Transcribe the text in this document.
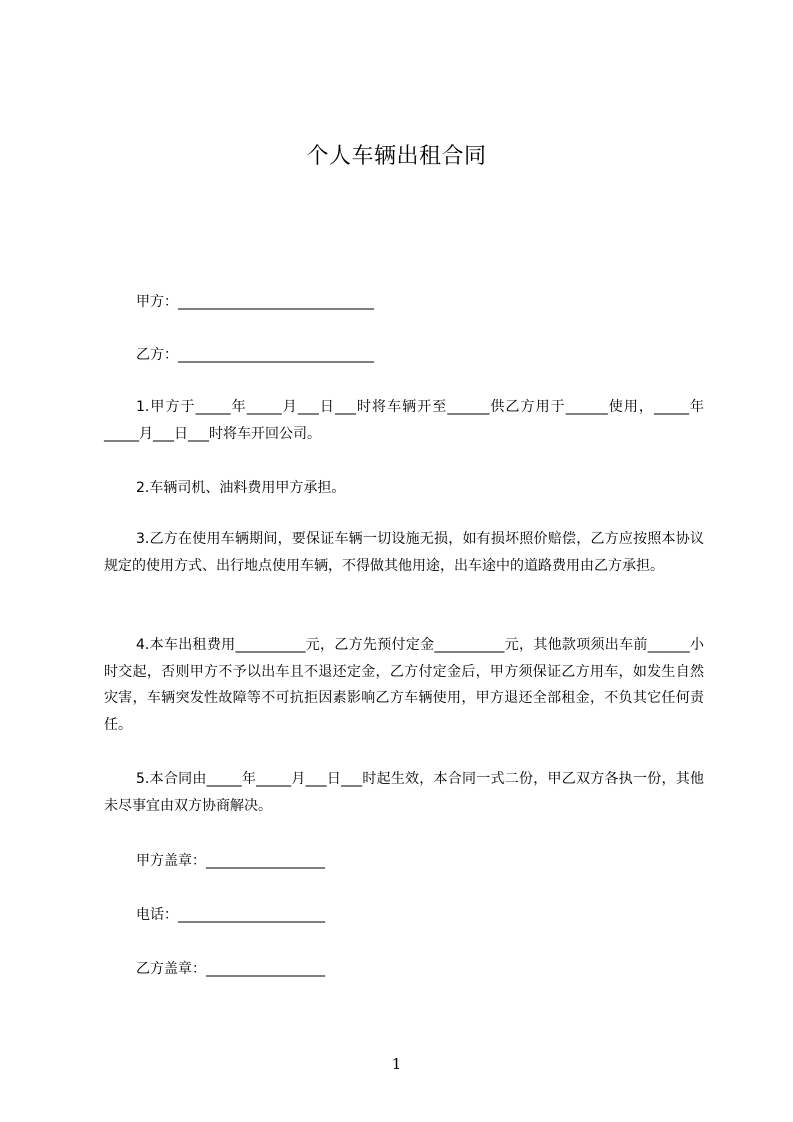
个人车辆出租合同
甲方：____________________________
乙方：____________________________

1.甲方于_____年_____月___日___时将车辆开至______供乙方用于______使用，_____年_____月___日___时将车开回公司。

2.车辆司机、油料费用甲方承担。

3.乙方在使用车辆期间，要保证车辆一切设施无损，如有损坏照价赔偿，乙方应按照本协议规定的使用方式、出行地点使用车辆，不得做其他用途，出车途中的道路费用由乙方承担。

4.本车出租费用__________元，乙方先预付定金__________元，其他款项须出车前______小时交起，否则甲方不予以出车且不退还定金，乙方付定金后，甲方须保证乙方用车，如发生自然灾害，车辆突发性故障等不可抗拒因素影响乙方车辆使用，甲方退还全部租金，不负其它任何责任。

5.本合同由_____年_____月___日___时起生效，本合同一式二份，甲乙双方各执一份，其他未尽事宜由双方协商解决。

甲方盖章：_________________
电话：_____________________
乙方盖章：_________________
1
